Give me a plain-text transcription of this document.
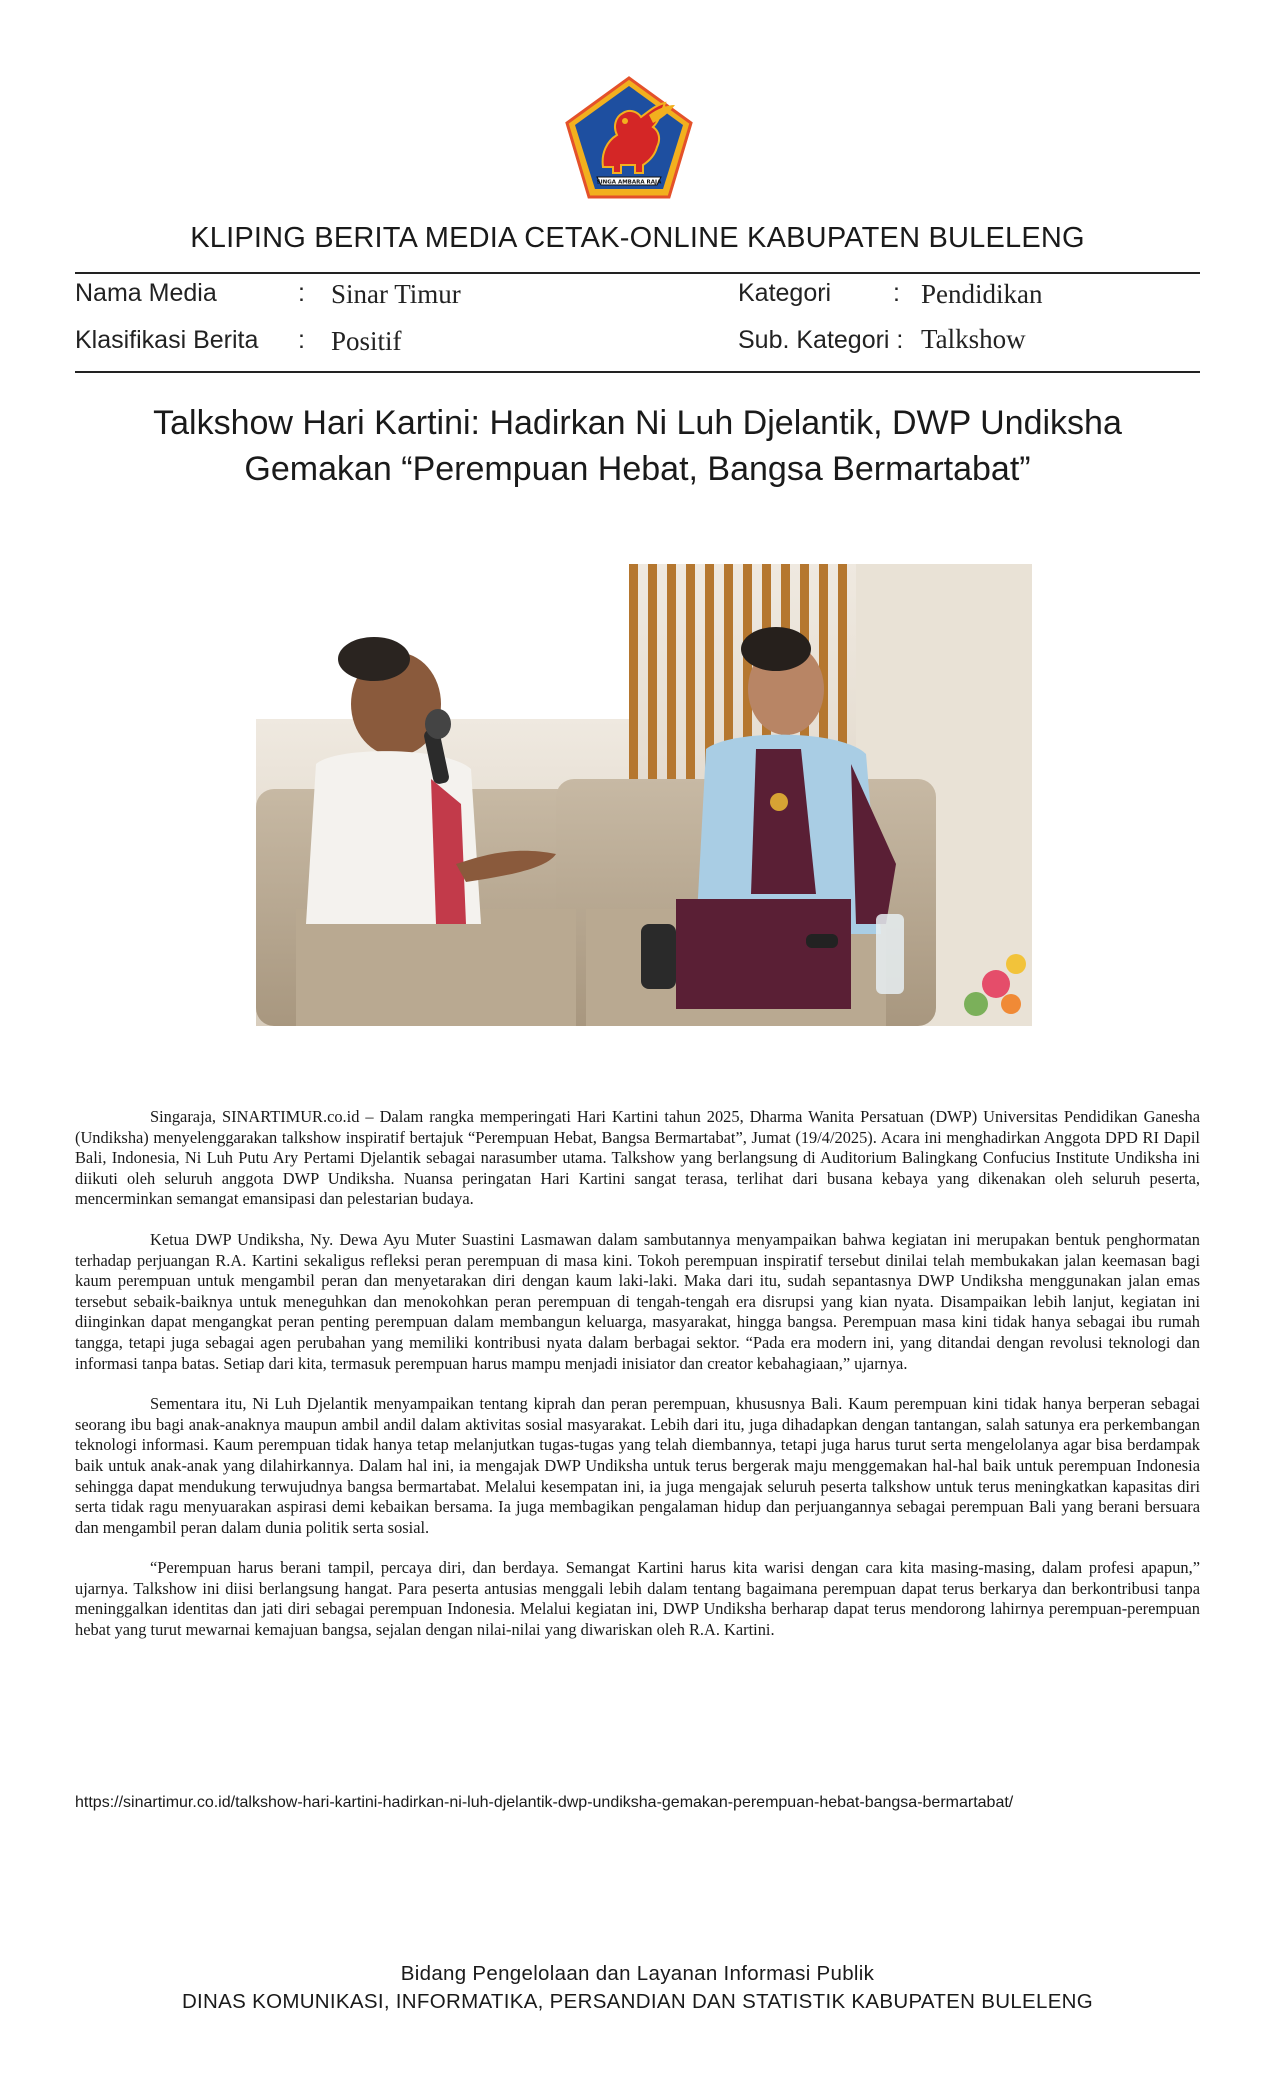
SINGA AMBARA RAJA
KLIPING BERITA MEDIA CETAK-ONLINE KABUPATEN BULELENG
Nama Media	: Sinar Timur
Klasifikasi Berita : Positif
Kategori : Pendidikan
Sub. Kategori : Talkshow
Talkshow Hari Kartini: Hadirkan Ni Luh Djelantik, DWP Undiksha
Gemakan “Perempuan Hebat, Bangsa Bermartabat”

Singaraja, SINARTIMUR.co.id – Dalam rangka memperingati Hari Kartini tahun 2025, Dharma Wanita Persatuan (DWP) Universitas Pendidikan Ganesha (Undiksha) menyelenggarakan talkshow inspiratif bertajuk “Perempuan Hebat, Bangsa Bermartabat”, Jumat (19/4/2025). Acara ini menghadirkan Anggota DPD RI Dapil Bali, Indonesia, Ni Luh Putu Ary Pertami Djelantik sebagai narasumber utama. Talkshow yang berlangsung di Auditorium Balingkang Confucius Institute Undiksha ini diikuti oleh seluruh anggota DWP Undiksha. Nuansa peringatan Hari Kartini sangat terasa, terlihat dari busana kebaya yang dikenakan oleh seluruh peserta, mencerminkan semangat emansipasi dan pelestarian budaya.

Ketua DWP Undiksha, Ny. Dewa Ayu Muter Suastini Lasmawan dalam sambutannya menyampaikan bahwa kegiatan ini merupakan bentuk penghormatan terhadap perjuangan R.A. Kartini sekaligus refleksi peran perempuan di masa kini. Tokoh perempuan inspiratif tersebut dinilai telah membukakan jalan keemasan bagi kaum perempuan untuk mengambil peran dan menyetarakan diri dengan kaum laki-laki. Maka dari itu, sudah sepantasnya DWP Undiksha menggunakan jalan emas tersebut sebaik-baiknya untuk meneguhkan dan menokohkan peran perempuan di tengah-tengah era disrupsi yang kian nyata. Disampaikan lebih lanjut, kegiatan ini diinginkan dapat mengangkat peran penting perempuan dalam membangun keluarga, masyarakat, hingga bangsa. Perempuan masa kini tidak hanya sebagai ibu rumah tangga, tetapi juga sebagai agen perubahan yang memiliki kontribusi nyata dalam berbagai sektor. “Pada era modern ini, yang ditandai dengan revolusi teknologi dan informasi tanpa batas. Setiap dari kita, termasuk perempuan harus mampu menjadi inisiator dan creator kebahagiaan,” ujarnya.

Sementara itu, Ni Luh Djelantik menyampaikan tentang kiprah dan peran perempuan, khususnya Bali. Kaum perempuan kini tidak hanya berperan sebagai seorang ibu bagi anak-anaknya maupun ambil andil dalam aktivitas sosial masyarakat. Lebih dari itu, juga dihadapkan dengan tantangan, salah satunya era perkembangan teknologi informasi. Kaum perempuan tidak hanya tetap melanjutkan tugas-tugas yang telah diembannya, tetapi juga harus turut serta mengelolanya agar bisa berdampak baik untuk anak-anak yang dilahirkannya. Dalam hal ini, ia mengajak DWP Undiksha untuk terus bergerak maju menggemakan hal-hal baik untuk perempuan Indonesia sehingga dapat mendukung terwujudnya bangsa bermartabat. Melalui kesempatan ini, ia juga mengajak seluruh peserta talkshow untuk terus meningkatkan kapasitas diri serta tidak ragu menyuarakan aspirasi demi kebaikan bersama. Ia juga membagikan pengalaman hidup dan perjuangannya sebagai perempuan Bali yang berani bersuara dan mengambil peran dalam dunia politik serta sosial.

“Perempuan harus berani tampil, percaya diri, dan berdaya. Semangat Kartini harus kita warisi dengan cara kita masing-masing, dalam profesi apapun,” ujarnya. Talkshow ini diisi berlangsung hangat. Para peserta antusias menggali lebih dalam tentang bagaimana perempuan dapat terus berkarya dan berkontribusi tanpa meninggalkan identitas dan jati diri sebagai perempuan Indonesia. Melalui kegiatan ini, DWP Undiksha berharap dapat terus mendorong lahirnya perempuan-perempuan hebat yang turut mewarnai kemajuan bangsa, sejalan dengan nilai-nilai yang diwariskan oleh R.A. Kartini.

https://sinartimur.co.id/talkshow-hari-kartini-hadirkan-ni-luh-djelantik-dwp-undiksha-gemakan-perempuan-hebat-bangsa-bermartabat/
Bidang Pengelolaan dan Layanan Informasi Publik
DINAS KOMUNIKASI, INFORMATIKA, PERSANDIAN DAN STATISTIK KABUPATEN BULELENG
